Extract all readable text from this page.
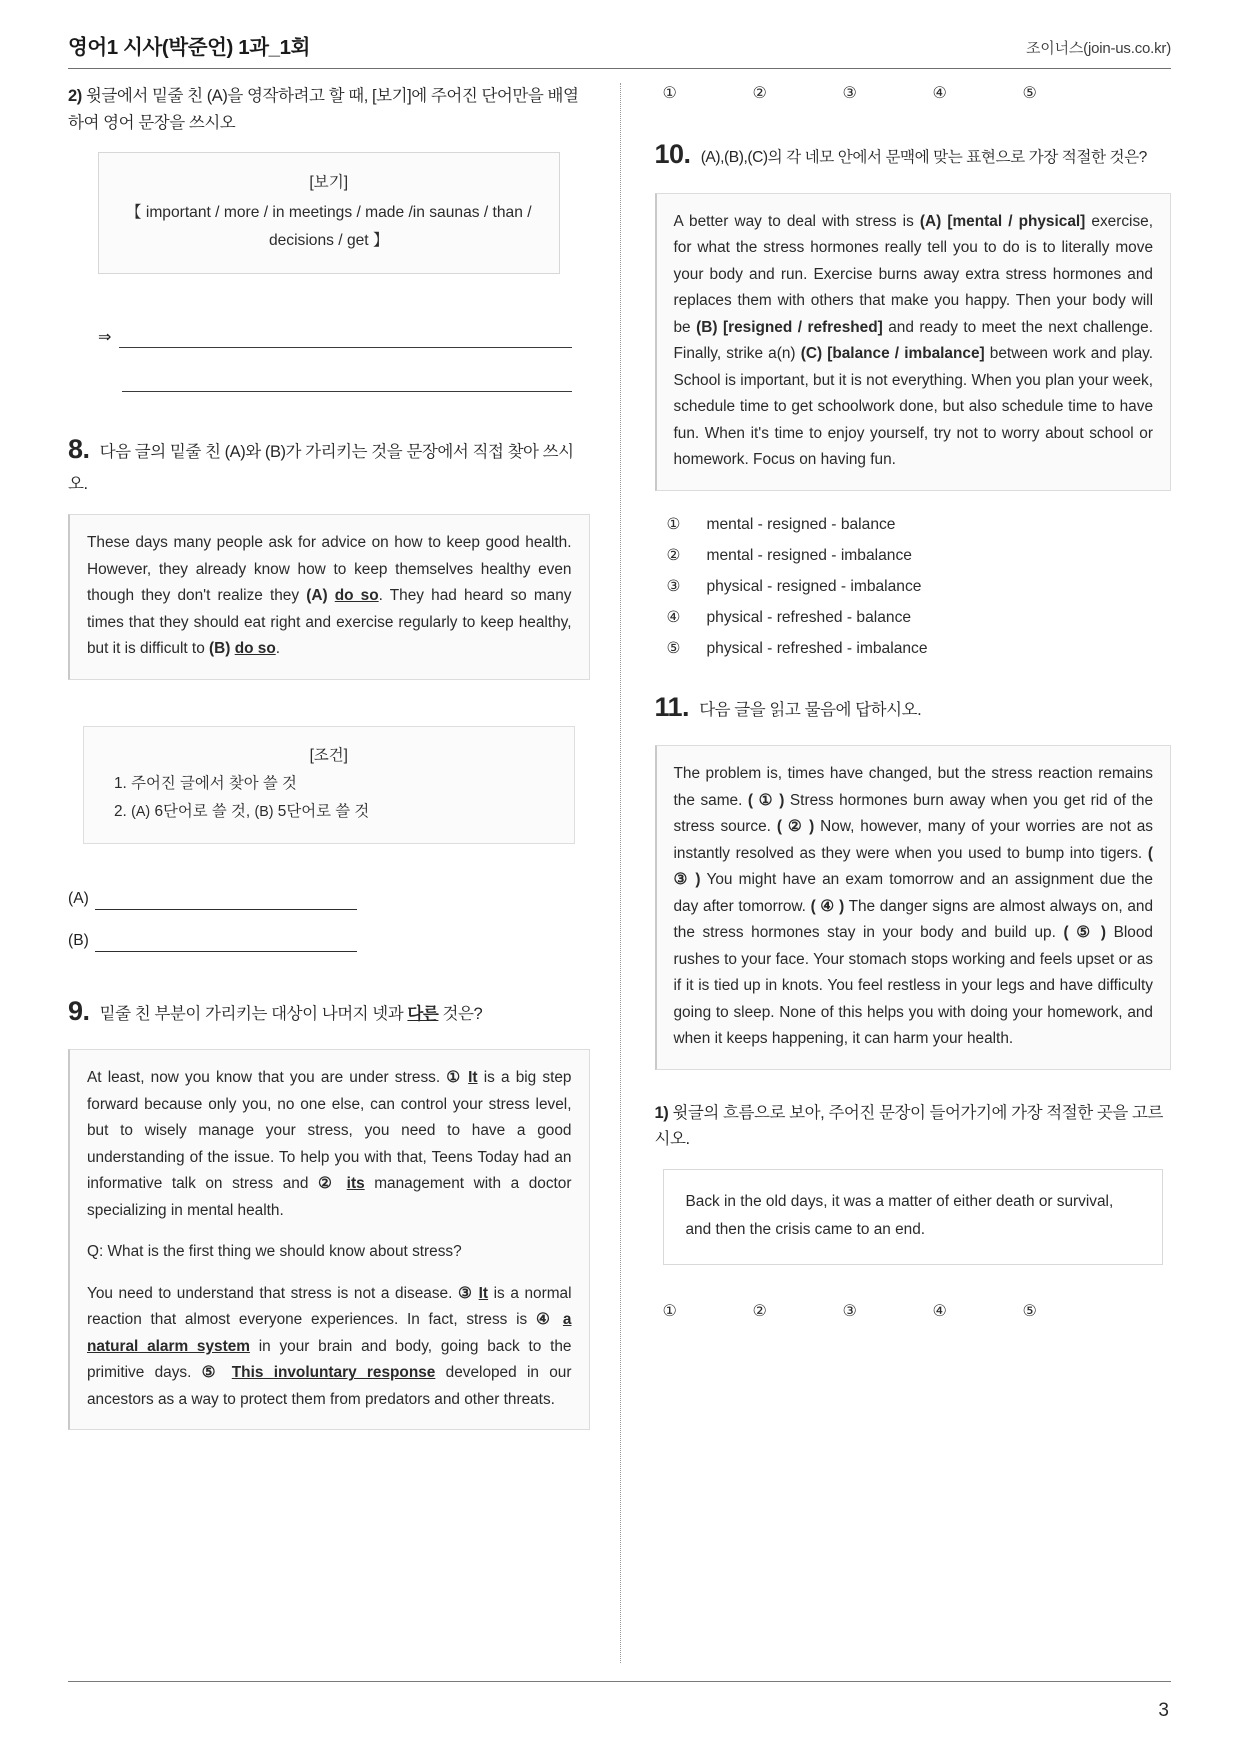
영어1 시사(박준언) 1과_1회	조이너스(join-us.co.kr)
2) 윗글에서 밑줄 친 (A)을 영작하려고 할 때, [보기]에 주어진 단어만을 배열하여 영어 문장을 쓰시오
[보기]
【 important / more / in meetings / made /in saunas / than / decisions / get 】
⇒
8. 다음 글의 밑줄 친 (A)와 (B)가 가리키는 것을 문장에서 직접 찾아 쓰시오.

These days many people ask for advice on how to keep good health. However, they already know how to keep themselves healthy even though they don't realize they (A) do so. They had heard so many times that they should eat right and exercise regularly to keep healthy, but it is difficult to (B) do so.

[조건]
1. 주어진 글에서 찾아 쓸 것
2. (A) 6단어로 쓸 것, (B) 5단어로 쓸 것
(A)
(B)
9. 밑줄 친 부분이 가리키는 대상이 나머지 넷과 다른 것은?

At least, now you know that you are under stress. ① It is a big step forward because only you, no one else, can control your stress level, but to wisely manage your stress, you need to have a good understanding of the issue. To help you with that, Teens Today had an informative talk on stress and ② its management with a doctor specializing in mental health.

Q: What is the first thing we should know about stress?

You need to understand that stress is not a disease. ③ It is a normal reaction that almost everyone experiences. In fact, stress is ④ a natural alarm system in your brain and body, going back to the primitive days. ⑤ This involuntary response developed in our ancestors as a way to protect them from predators and other threats.

①	②	③	④	⑤
10. (A),(B),(C)의 각 네모 안에서 문맥에 맞는 표현으로 가장 적절한 것은?

A better way to deal with stress is (A) [mental / physical] exercise, for what the stress hormones really tell you to do is to literally move your body and run. Exercise burns away extra stress hormones and replaces them with others that make you happy. Then your body will be (B) [resigned / refreshed] and ready to meet the next challenge. Finally, strike a(n) (C) [balance / imbalance] between work and play. School is important, but it is not everything. When you plan your week, schedule time to get schoolwork done, but also schedule time to have fun. When it's time to enjoy yourself, try not to worry about school or homework. Focus on having fun.

①	mental - resigned - balance
②	mental - resigned - imbalance
③	physical - resigned - imbalance
④	physical - refreshed - balance
⑤	physical - refreshed - imbalance
11. 다음 글을 읽고 물음에 답하시오.

The problem is, times have changed, but the stress reaction remains the same. ( ① ) Stress hormones burn away when you get rid of the stress source. ( ② ) Now, however, many of your worries are not as instantly resolved as they were when you used to bump into tigers. ( ③ ) You might have an exam tomorrow and an assignment due the day after tomorrow. ( ④ ) The danger signs are almost always on, and the stress hormones stay in your body and build up. ( ⑤ ) Blood rushes to your face. Your stomach stops working and feels upset or as if it is tied up in knots. You feel restless in your legs and have difficulty going to sleep. None of this helps you with doing your homework, and when it keeps happening, it can harm your health.

1) 윗글의 흐름으로 보아, 주어진 문장이 들어가기에 가장 적절한 곳을 고르시오.
Back in the old days, it was a matter of either death or survival, and then the crisis came to an end.
①	②	③	④	⑤
3
